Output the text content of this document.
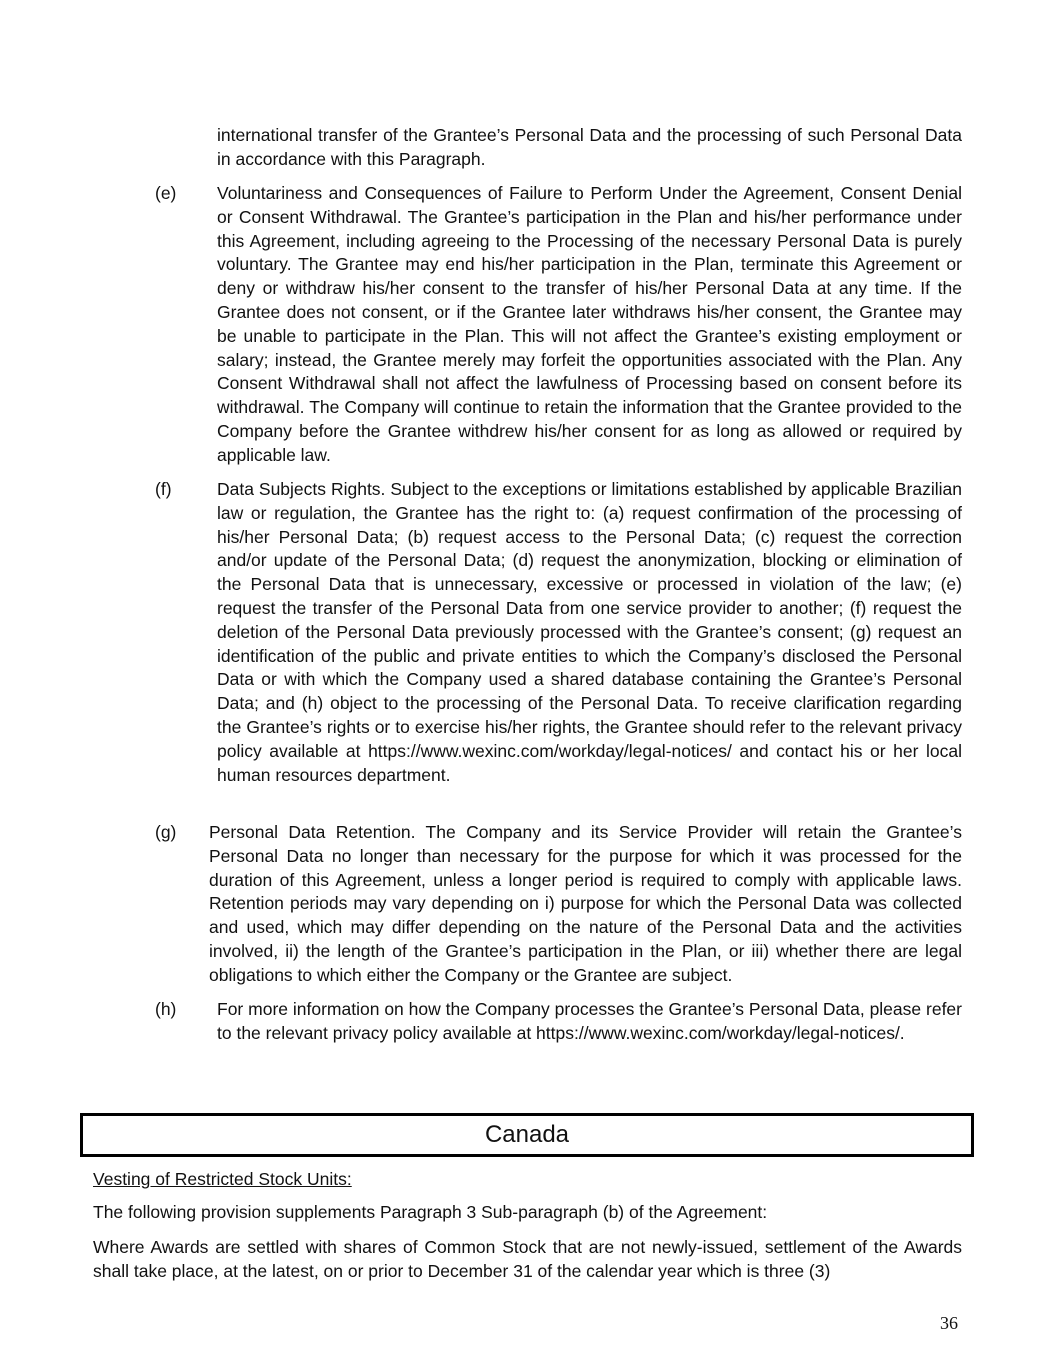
international transfer of the Grantee’s Personal Data and the processing of such Personal Data in accordance with this Paragraph.
(e) Voluntariness and Consequences of Failure to Perform Under the Agreement, Consent Denial or Consent Withdrawal. The Grantee’s participation in the Plan and his/her performance under this Agreement, including agreeing to the Processing of the necessary Personal Data is purely voluntary. The Grantee may end his/her participation in the Plan, terminate this Agreement or deny or withdraw his/her consent to the transfer of his/her Personal Data at any time. If the Grantee does not consent, or if the Grantee later withdraws his/her consent, the Grantee may be unable to participate in the Plan. This will not affect the Grantee’s existing employment or salary; instead, the Grantee merely may forfeit the opportunities associated with the Plan. Any Consent Withdrawal shall not affect the lawfulness of Processing based on consent before its withdrawal. The Company will continue to retain the information that the Grantee provided to the Company before the Grantee withdrew his/her consent for as long as allowed or required by applicable law.
(f)	Data Subjects Rights. Subject to the exceptions or limitations established by applicable Brazilian law or regulation, the Grantee has the right to: (a) request confirmation of the processing of his/her Personal Data; (b) request access to the Personal Data; (c) request the correction and/or update of the Personal Data; (d) request the anonymization, blocking or elimination of the Personal Data that is unnecessary, excessive or processed in violation of the law; (e) request the transfer of the Personal Data from one service provider to another; (f) request the deletion of the Personal Data previously processed with the Grantee’s consent; (g) request an identification of the public and private entities to which the Company’s disclosed the Personal Data or with which the Company used a shared database containing the Grantee’s Personal Data; and (h) object to the processing of the Personal Data. To receive clarification regarding the Grantee’s rights or to exercise his/her rights, the Grantee should refer to the relevant privacy policy available at https://www.wexinc.com/workday/legal-notices/ and contact his or her local human resources department.
(g) Personal Data Retention. The Company and its Service Provider will retain the Grantee’s Personal Data no longer than necessary for the purpose for which it was processed for the duration of this Agreement, unless a longer period is required to comply with applicable laws. Retention periods may vary depending on i) purpose for which the Personal Data was collected and used, which may differ depending on the nature of the Personal Data and the activities involved, ii) the length of the Grantee’s participation in the Plan, or iii) whether there are legal obligations to which either the Company or the Grantee are subject.
(h) For more information on how the Company processes the Grantee’s Personal Data, please refer to the relevant privacy policy available at https://www.wexinc.com/workday/legal-notices/.
Canada
Vesting of Restricted Stock Units:
The following provision supplements Paragraph 3 Sub-paragraph (b) of the Agreement:
Where Awards are settled with shares of Common Stock that are not newly-issued, settlement of the Awards shall take place, at the latest, on or prior to December 31 of the calendar year which is three (3)
36
